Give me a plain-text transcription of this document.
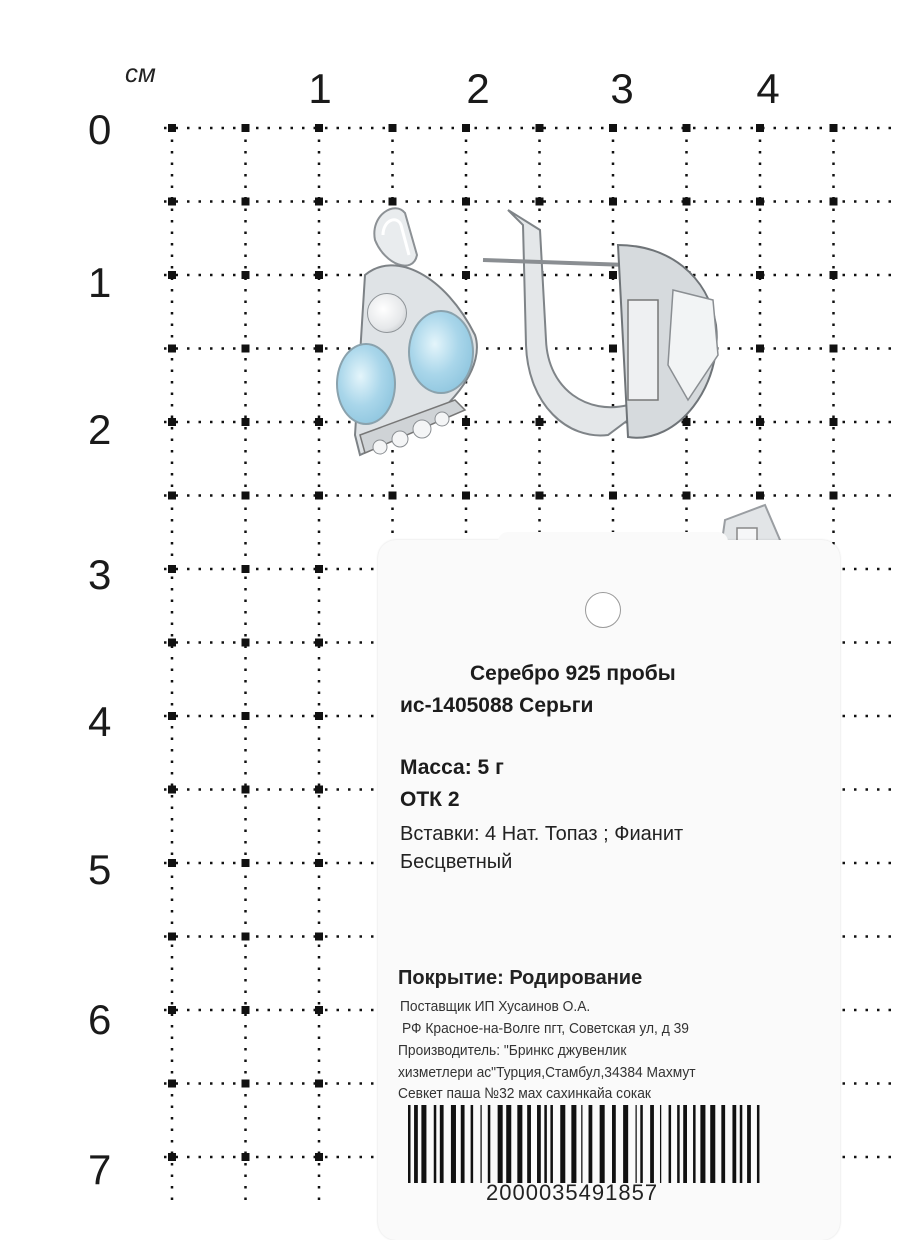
см	1	2	3	4
0
1
2
3
4
5
6
7
Серебро 925 пробы
ис-1405088 Серьги
Масса: 5 г
ОТК 2
Вставки: 4 Нат. Топаз ; Фианит
Бесцветный
Покрытие: Родирование
Поставщик ИП Хусаинов О.А.
РФ Красное-на-Волге пгт, Советская ул, д 39
Производитель: "Бринкс джувенлик
хизметлери ас"Турция,Стамбул,34384 Махмут
Севкет паша №32 мах сахинкайа сокак
2000035491857
